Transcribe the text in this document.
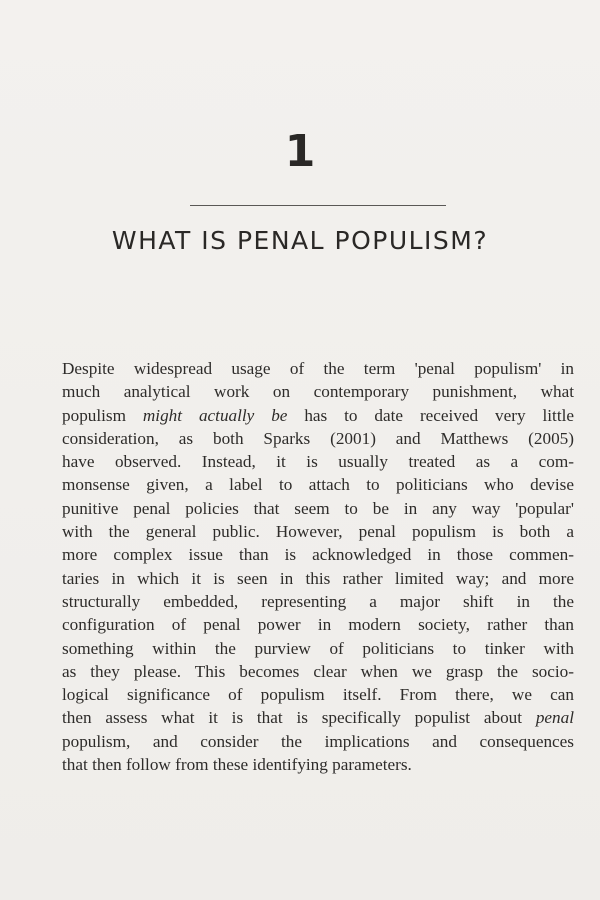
1
WHAT IS PENAL POPULISM?
Despite widespread usage of the term 'penal populism' in
much analytical work on contemporary punishment, what
populism might actually be has to date received very little
consideration, as both Sparks (2001) and Matthews (2005)
have observed. Instead, it is usually treated as a com-
monsense given, a label to attach to politicians who devise
punitive penal policies that seem to be in any way 'popular'
with the general public. However, penal populism is both a
more complex issue than is acknowledged in those commen-
taries in which it is seen in this rather limited way; and more
structurally embedded, representing a major shift in the
configuration of penal power in modern society, rather than
something within the purview of politicians to tinker with
as they please. This becomes clear when we grasp the socio-
logical significance of populism itself. From there, we can
then assess what it is that is specifically populist about penal
populism, and consider the implications and consequences
that then follow from these identifying parameters.
